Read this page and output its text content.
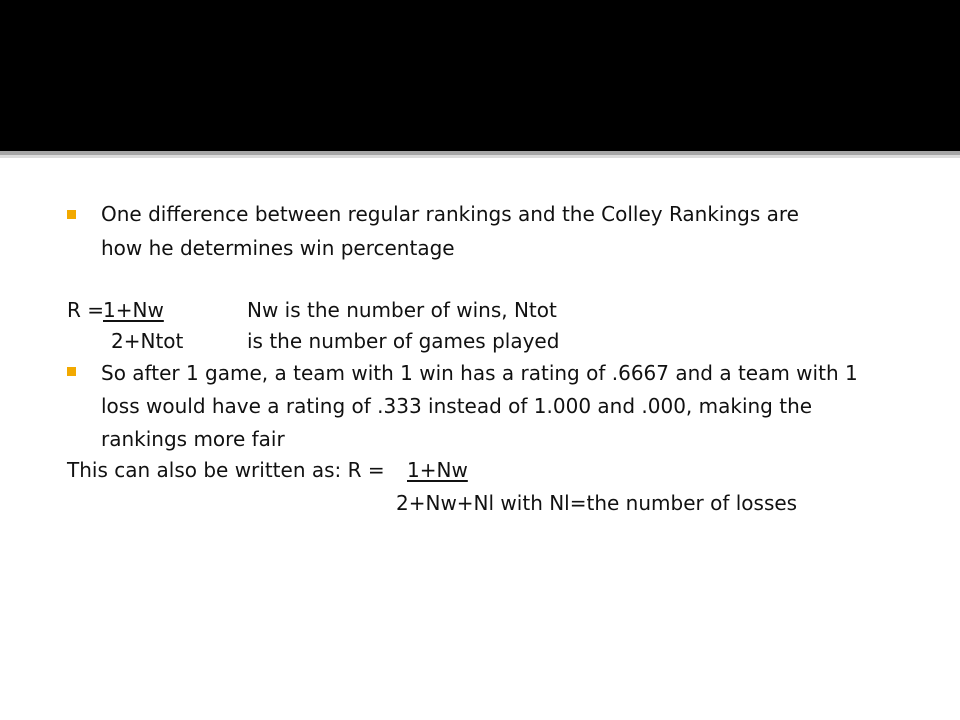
One difference between regular rankings and the Colley Rankings are
how he determines win percentage
R =
1+Nw	Nw is the number of wins, Ntot
2+Ntot	is the number of games played
So after 1 game, a team with 1 win has a rating of .6667 and a team with 1
loss would have a rating of .333 instead of 1.000 and .000, making the
rankings more fair
This can also be written as: R = 1+Nw
2+Nw+Nl with Nl=the number of losses
